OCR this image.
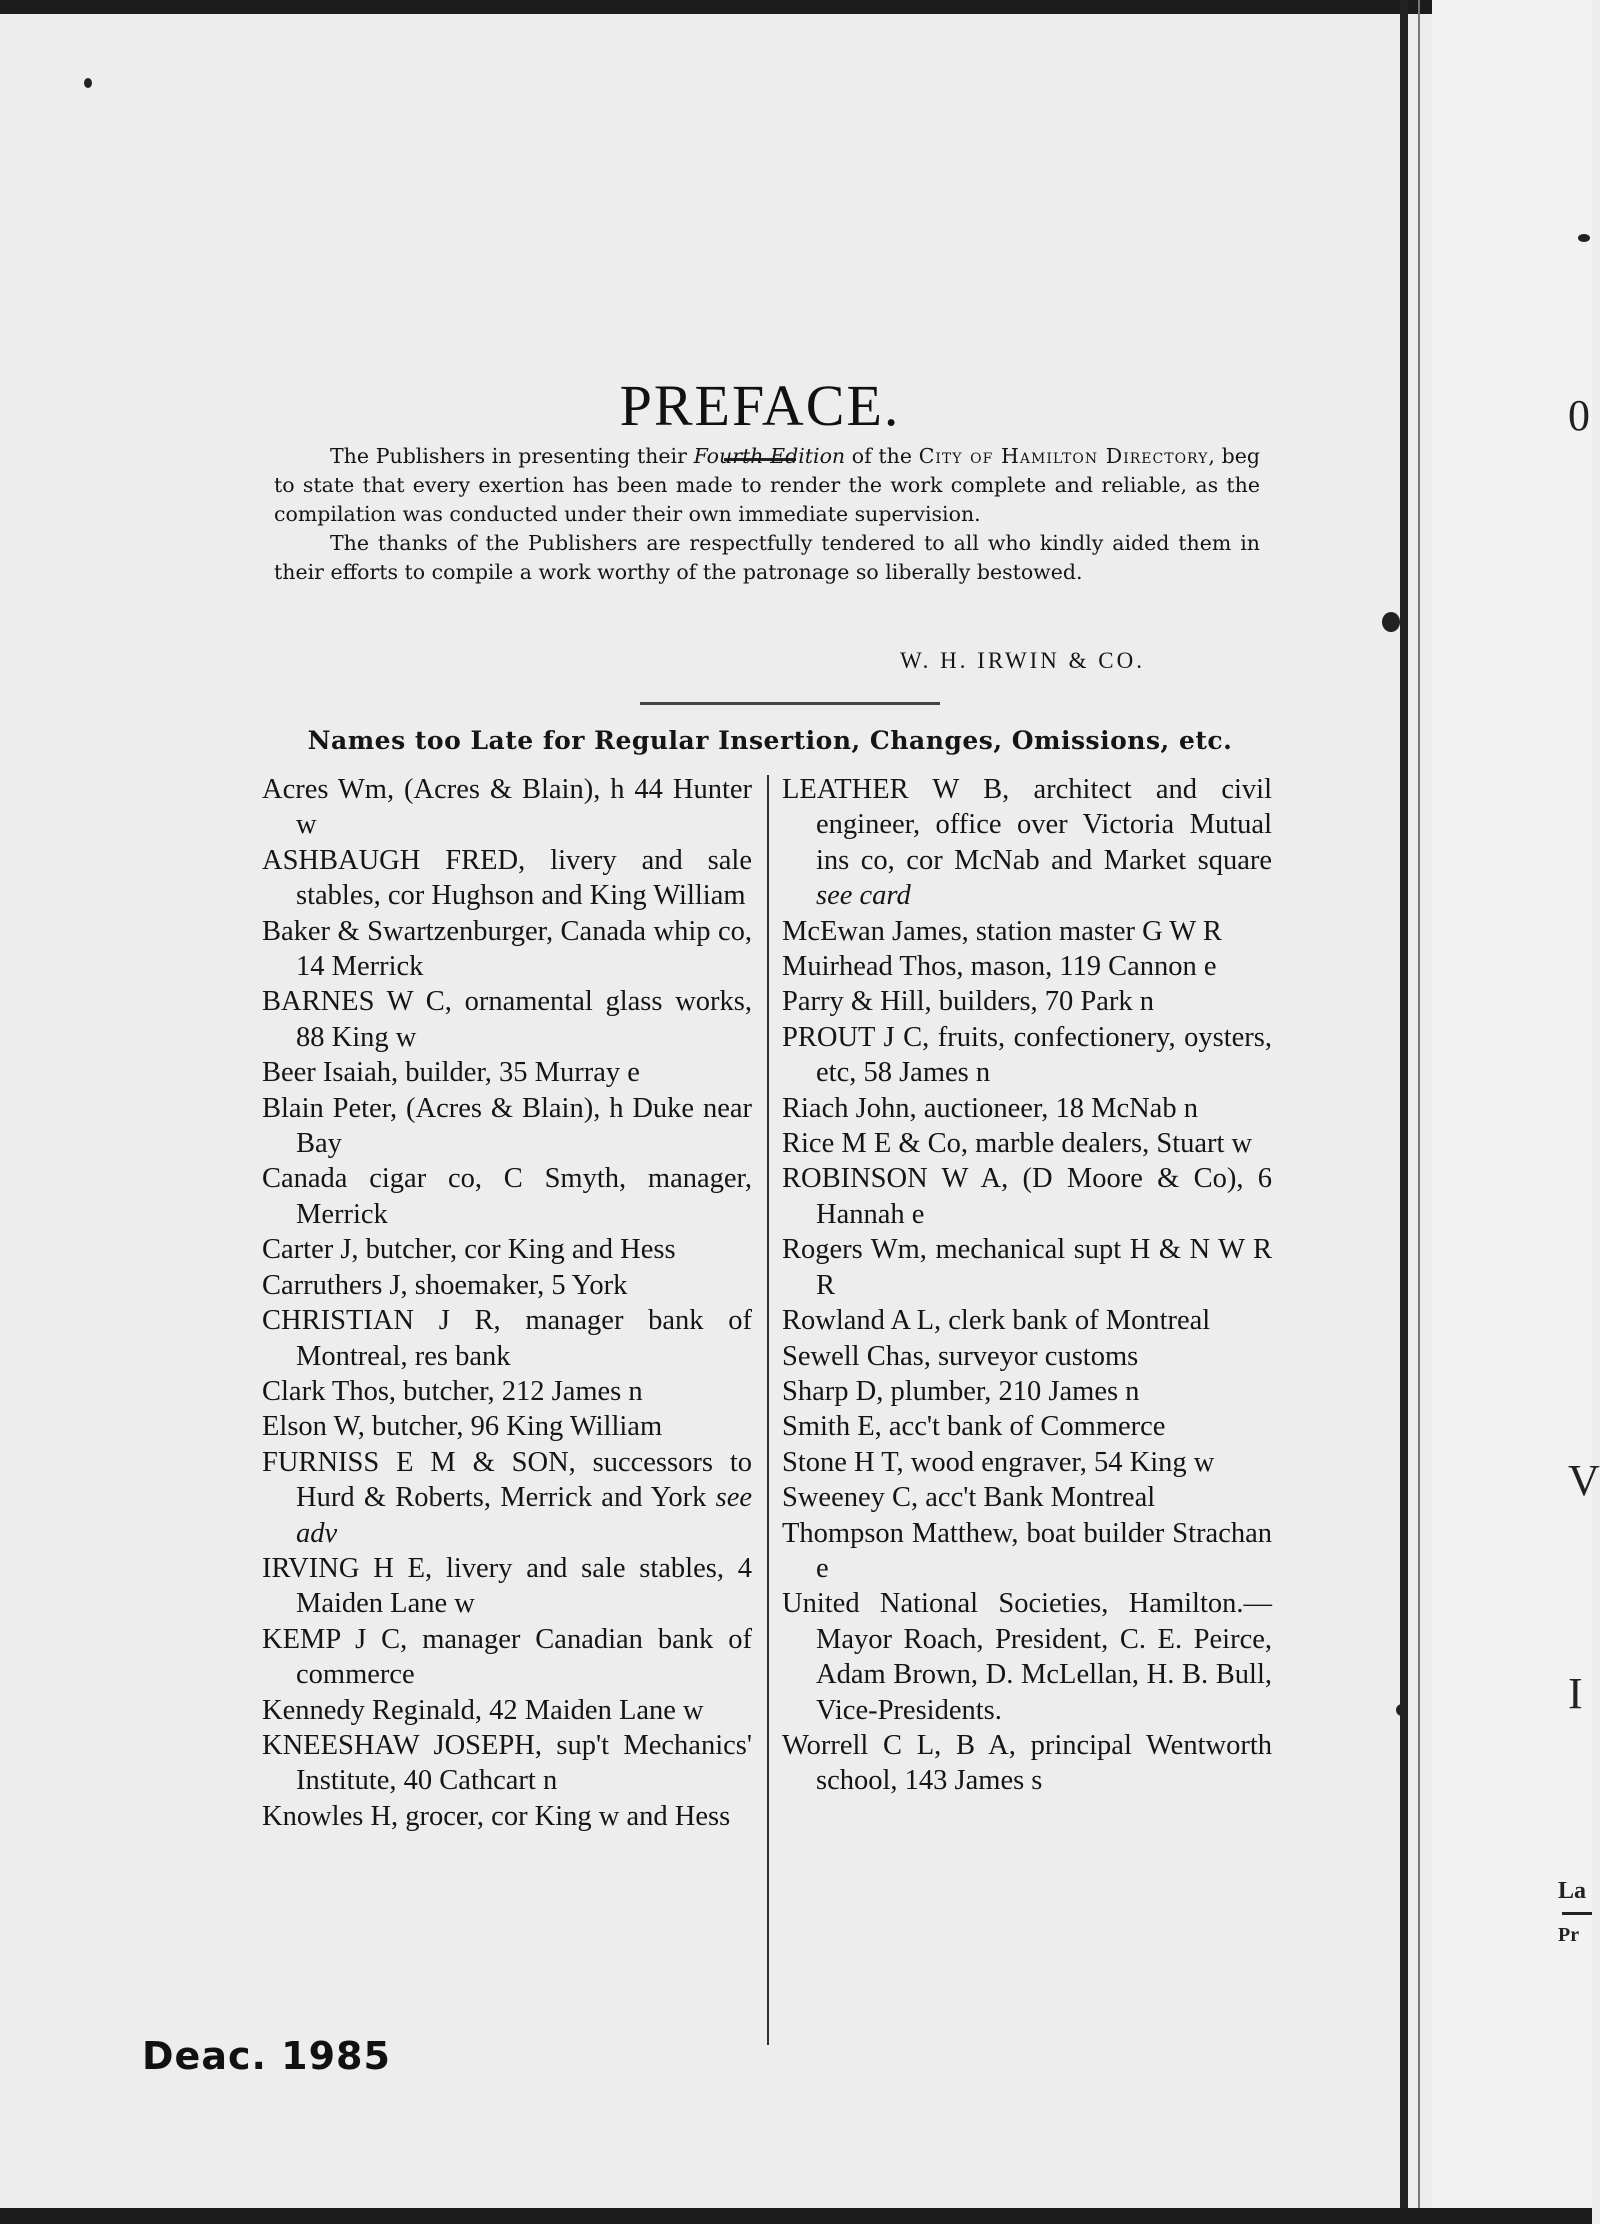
0
V
I
La
Pr
PREFACE.

The Publishers in presenting their Fourth Edition of the City of Hamilton Directory, beg to state that every exertion has been made to render the work complete and reliable, as the compilation was conducted under their own immediate supervision.

The thanks of the Publishers are respectfully tendered to all who kindly aided them in their efforts to compile a work worthy of the patronage so liberally bestowed.

W. H. IRWIN & CO.
Names too Late for Regular Insertion, Changes, Omissions, etc.
Acres Wm, (Acres & Blain), h 44 Hunter w
ASHBAUGH FRED, livery and sale stables, cor Hughson and King William
Baker & Swartzenburger, Canada whip co, 14 Merrick
BARNES W C, ornamental glass works, 88 King w
Beer Isaiah, builder, 35 Murray e
Blain Peter, (Acres & Blain), h Duke near Bay
Canada cigar co, C Smyth, manager, Merrick
Carter J, butcher, cor King and Hess
Carruthers J, shoemaker, 5 York
CHRISTIAN J R, manager bank of Montreal, res bank
Clark Thos, butcher, 212 James n
Elson W, butcher, 96 King William
FURNISS E M & SON, successors to Hurd & Roberts, Merrick and York see adv
IRVING H E, livery and sale stables, 4 Maiden Lane w
KEMP J C, manager Canadian bank of commerce
Kennedy Reginald, 42 Maiden Lane w
KNEESHAW JOSEPH, sup't Mechanics' Institute, 40 Cathcart n
Knowles H, grocer, cor King w and Hess
LEATHER W B, architect and civil engineer, office over Victoria Mutual ins co, cor McNab and Market square see card
McEwan James, station master G W R
Muirhead Thos, mason, 119 Cannon e
Parry & Hill, builders, 70 Park n
PROUT J C, fruits, confectionery, oysters, etc, 58 James n
Riach John, auctioneer, 18 McNab n
Rice M E & Co, marble dealers, Stuart w
ROBINSON W A, (D Moore & Co), 6 Hannah e
Rogers Wm, mechanical supt H & N W R R
Rowland A L, clerk bank of Montreal
Sewell Chas, surveyor customs
Sharp D, plumber, 210 James n
Smith E, acc't bank of Commerce
Stone H T, wood engraver, 54 King w
Sweeney C, acc't Bank Montreal
Thompson Matthew, boat builder Strachan e
United National Societies, Hamilton.—Mayor Roach, President, C. E. Peirce, Adam Brown, D. McLellan, H. B. Bull, Vice-Presidents.
Worrell C L, B A, principal Wentworth school, 143 James s
Deac. 1985
